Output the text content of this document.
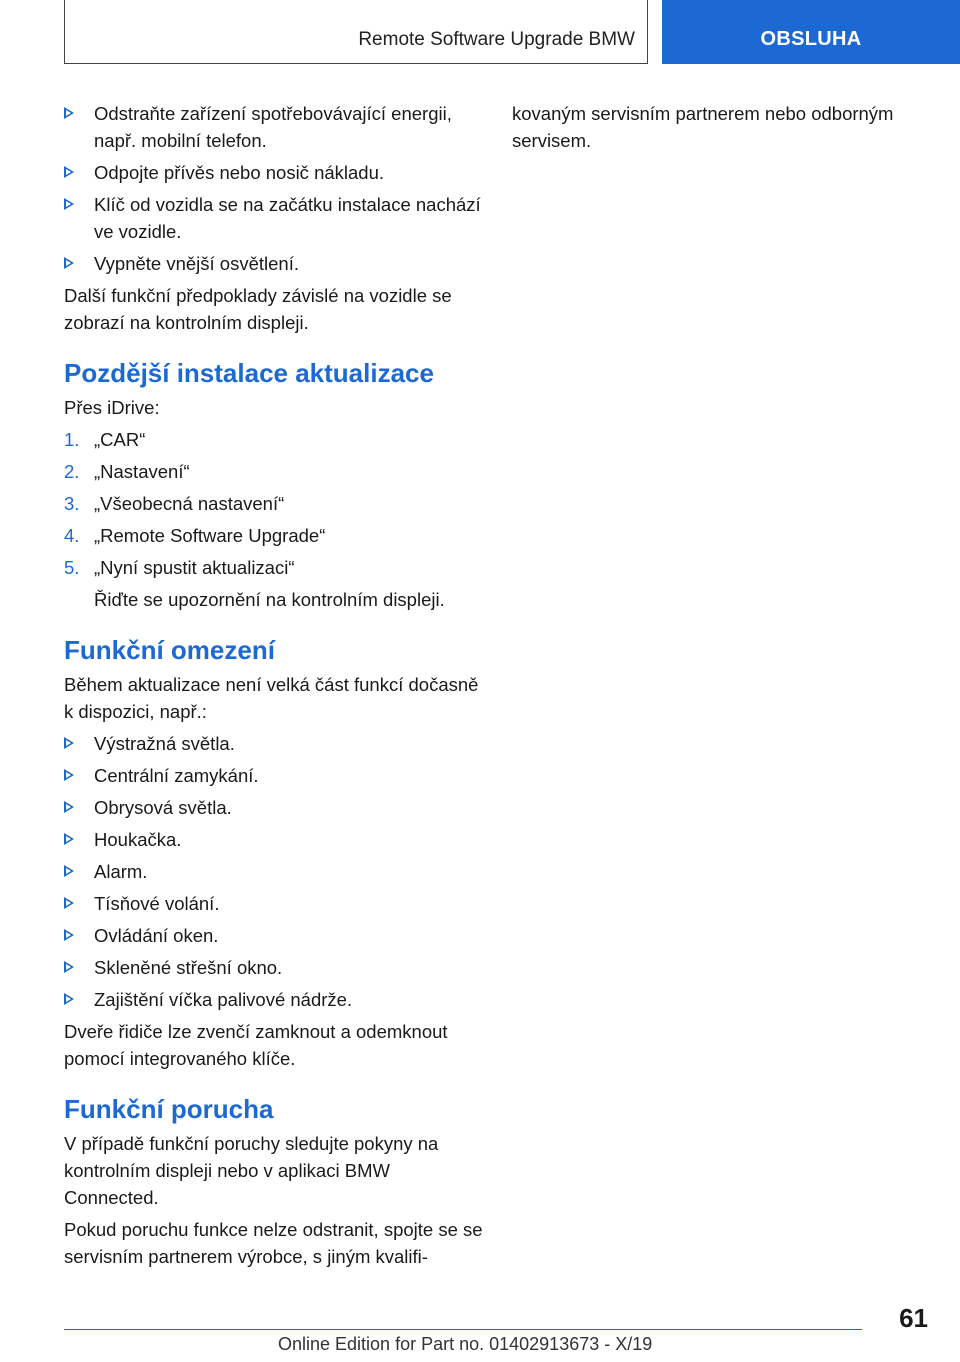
Remote Software Upgrade BMW	OBSLUHA
Odstraňte zařízení spotřebovávající energii, např. mobilní telefon.
Odpojte přívěs nebo nosič nákladu.
Klíč od vozidla se na začátku instalace nachází ve vozidle.
Vypněte vnější osvětlení.

Další funkční předpoklady závislé na vozidle se zobrazí na kontrolním displeji.

Pozdější instalace aktualizace

Přes iDrive:

1. „CAR“
2. „Nastavení“
3. „Všeobecná nastavení“
4. „Remote Software Upgrade“
5. „Nyní spustit aktualizaci“
Řiďte se upozornění na kontrolním displeji.
Funkční omezení

Během aktualizace není velká část funkcí dočasně k dispozici, např.:

Výstražná světla.
Centrální zamykání.
Obrysová světla.
Houkačka.
Alarm.
Tísňové volání.
Ovládání oken.
Skleněné střešní okno.
Zajištění víčka palivové nádrže.

Dveře řidiče lze zvenčí zamknout a odemknout pomocí integrovaného klíče.

Funkční porucha

V případě funkční poruchy sledujte pokyny na kontrolním displeji nebo v aplikaci BMW Connected.

Pokud poruchu funkce nelze odstranit, spojte se se servisním partnerem výrobce, s jiným kvalifi-

kovaným servisním partnerem nebo odborným servisem.

61
Online Edition for Part no. 01402913673 - X/19
